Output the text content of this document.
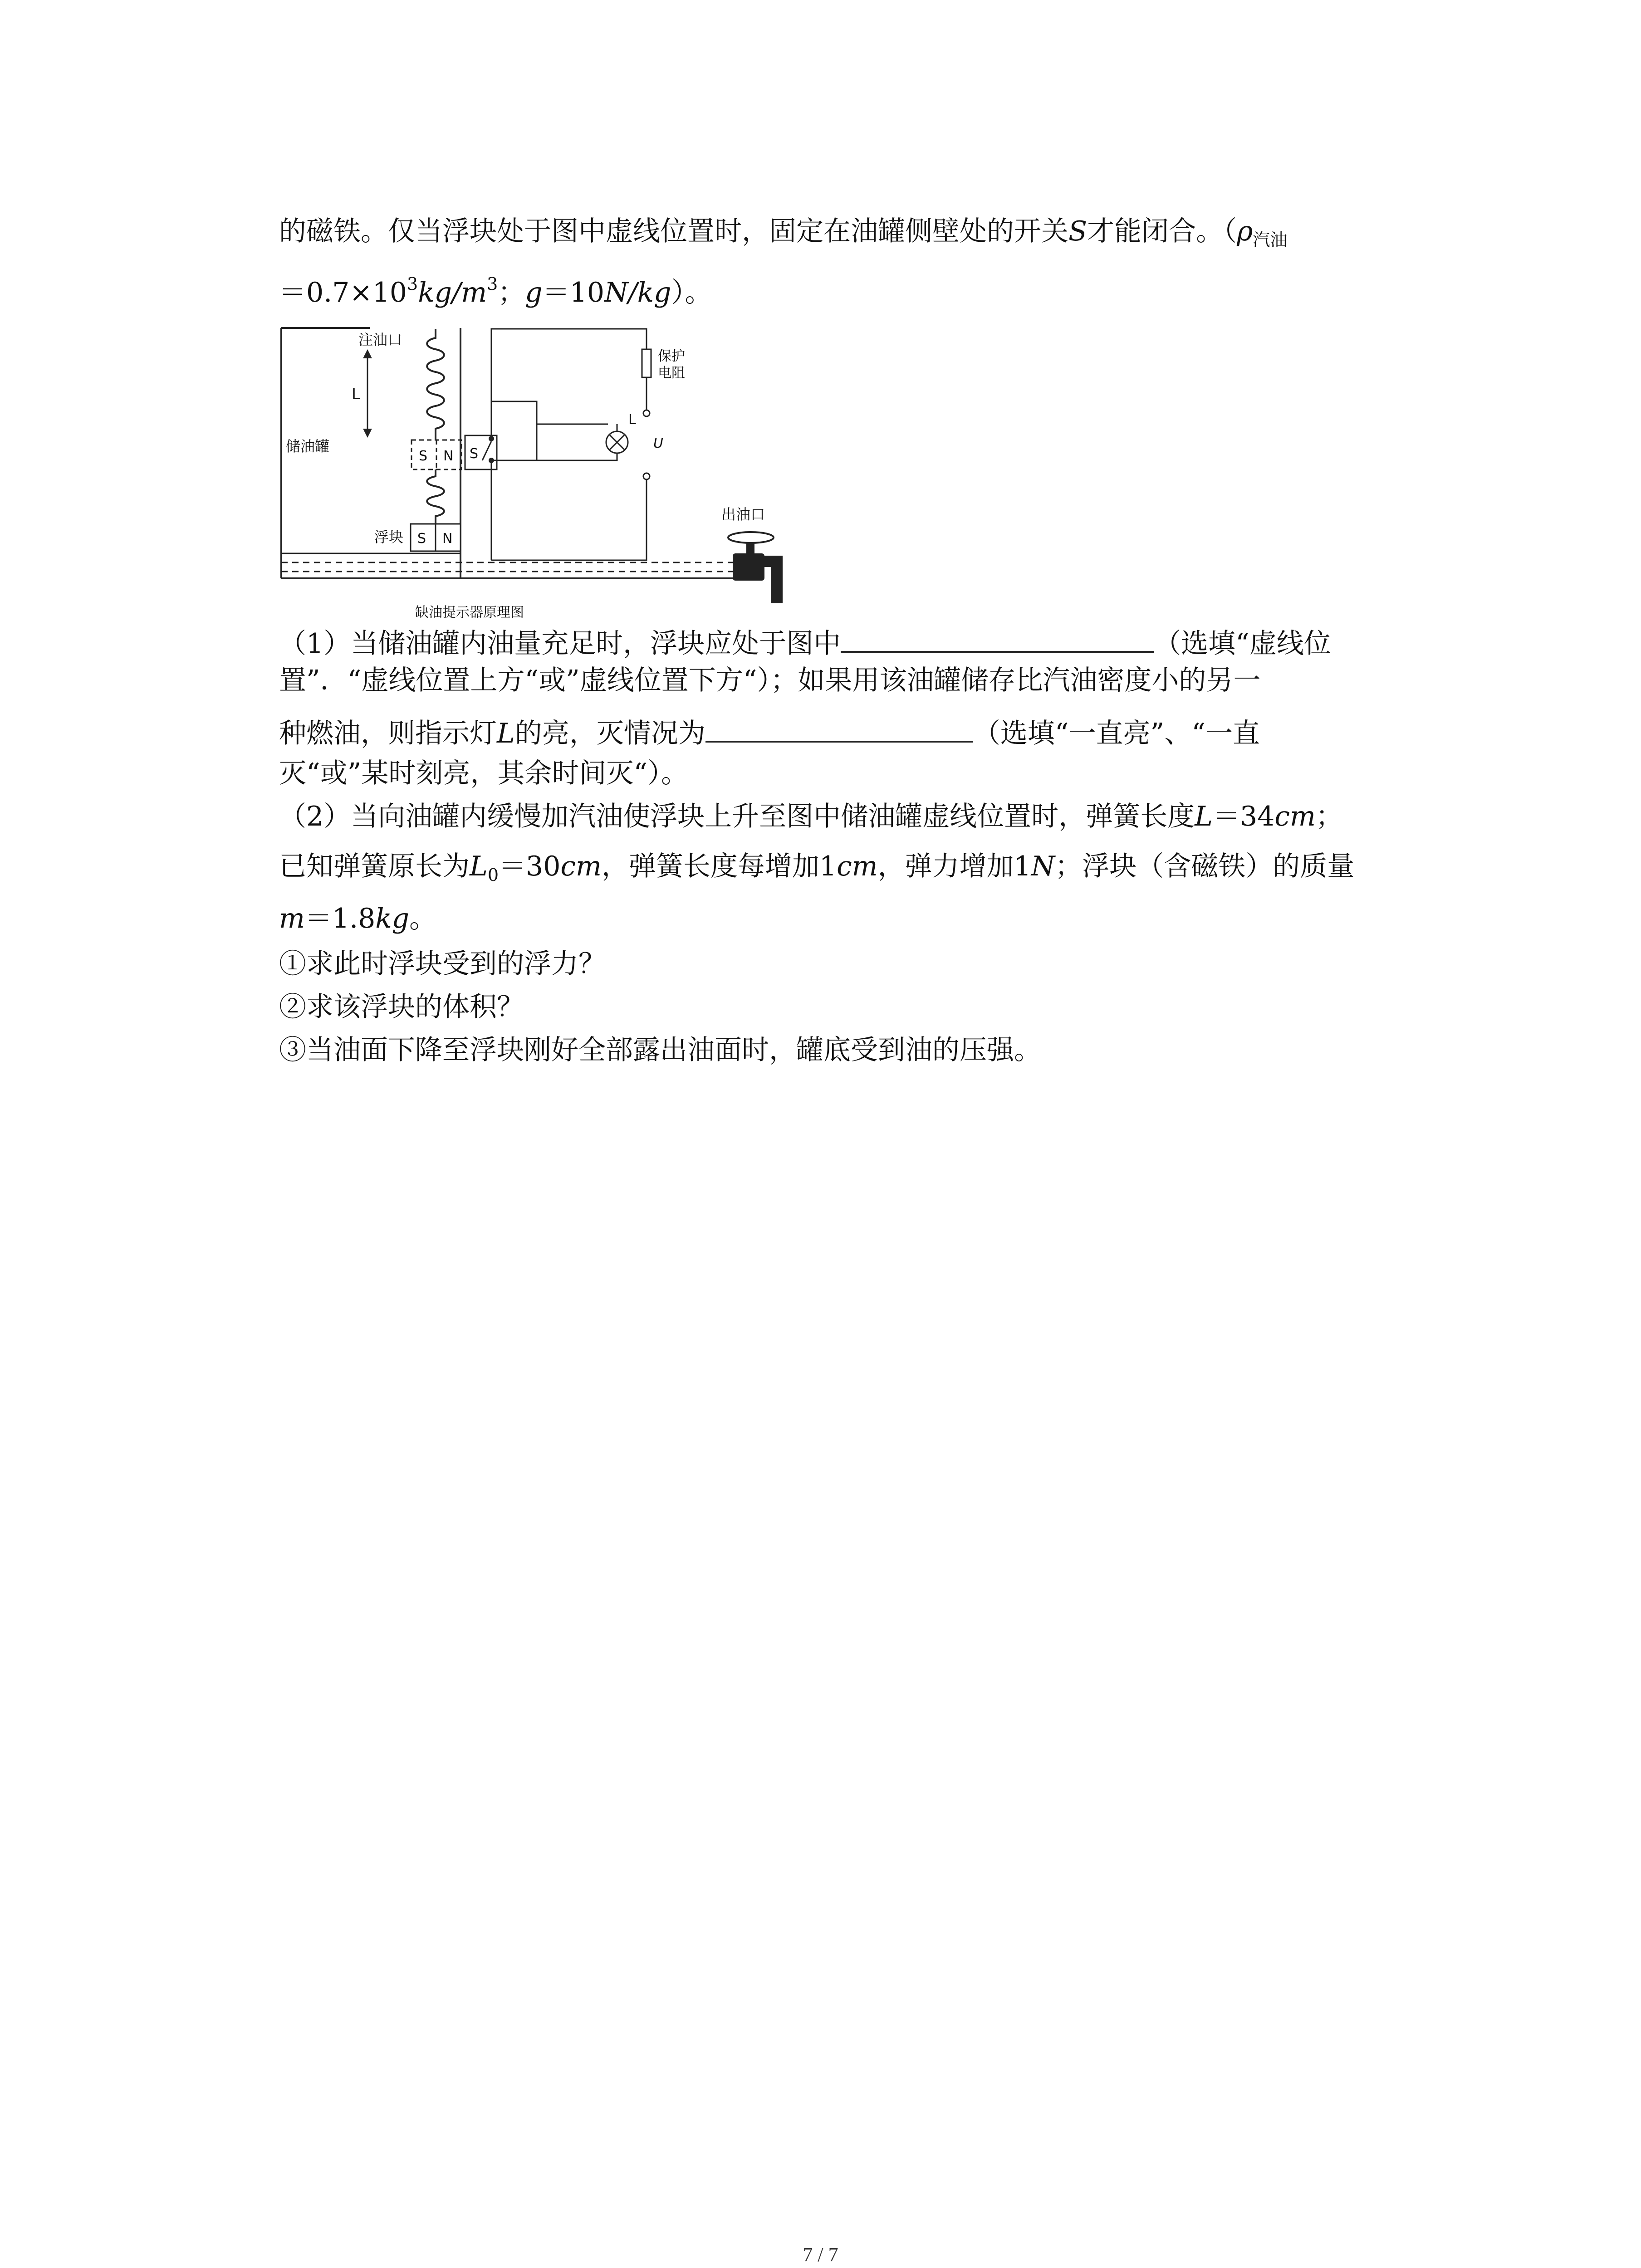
的磁铁。仅当浮块处于图中虚线位置时，固定在油罐侧壁处的开关S才能闭合。（$\rho_{汽油}$
$=0.7\times 10^3kg/m^3$；g＝10N/kg）。
注油口
L
S N
S N
储油罐
浮块
S
保护
电阻
U
L
出油口
缺油提示器原理图
（1）当储油罐内油量充足时，浮块应处于图中	（选填“虚线位
置”．“虚线位置上方“或”虚线位置下方“）；如果用该油罐储存比汽油密度小的另一
种燃油，则指示灯L的亮，灭情况为	（选填“一直亮”、“一直
灭“或”某时刻亮，其余时间灭“）。
（2）当向油罐内缓慢加汽油使浮块上升至图中储油罐虚线位置时，弹簧长度L＝34cm；
已知弹簧原长为$L_0=30cm$，弹簧长度每增加1cm，弹力增加1N；浮块（含磁铁）的质量
m＝1.8kg。
①求此时浮块受到的浮力？
②求该浮块的体积？
③当油面下降至浮块刚好全部露出油面时，罐底受到油的压强。
7 / 7
